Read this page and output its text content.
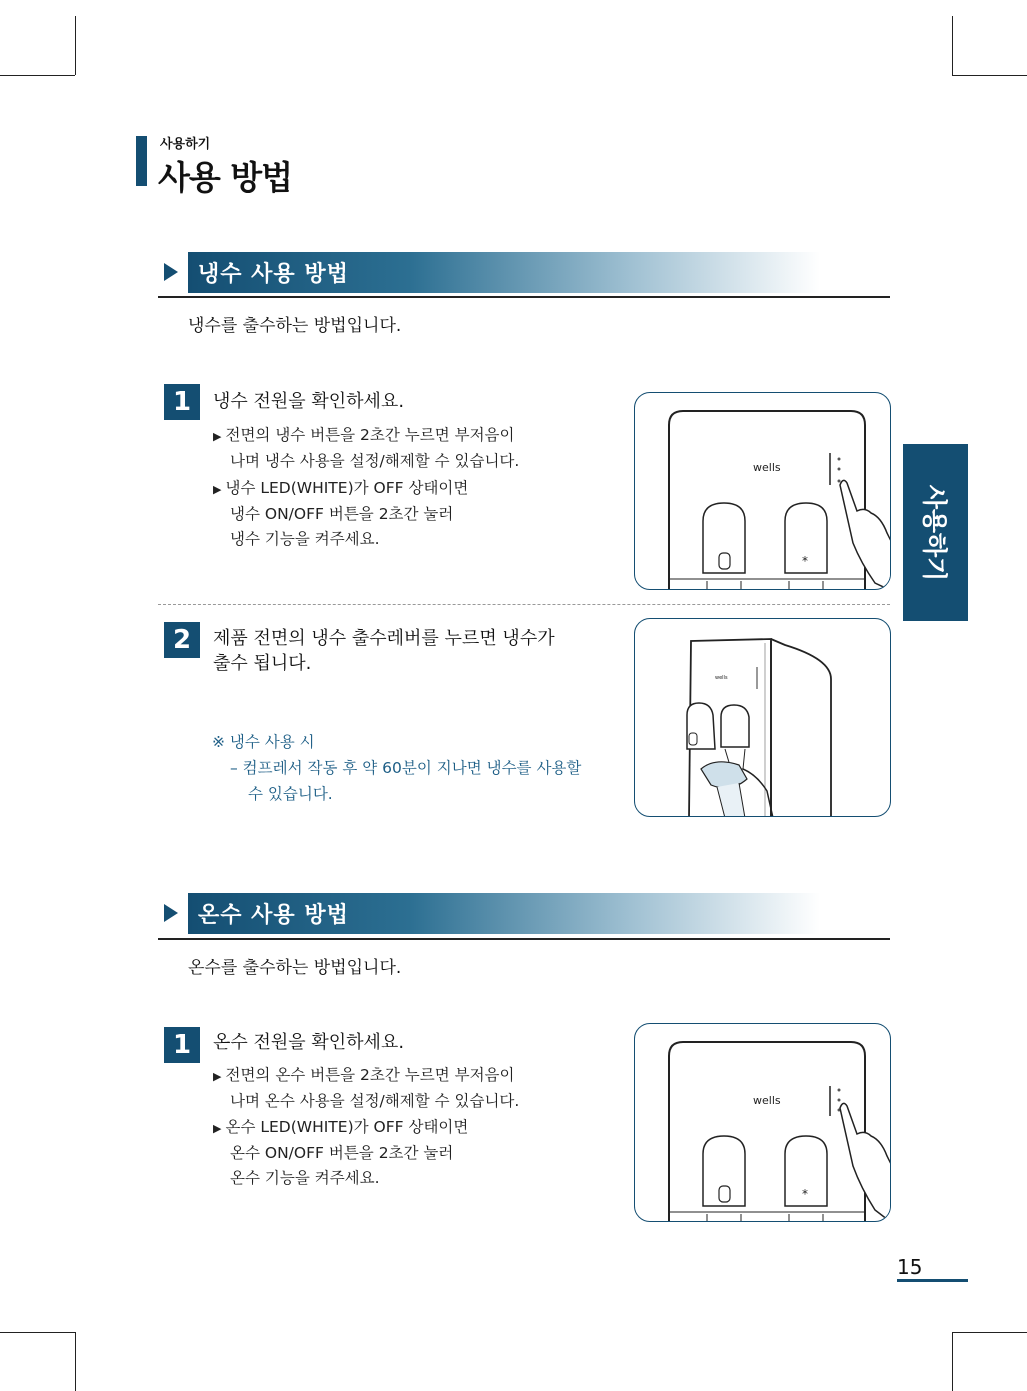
사용하기
사용 방법
사용하기
냉수 사용 방법
냉수를 출수하는 방법입니다.
1	냉수 전원을 확인하세요.
▶ 전면의 냉수 버튼을 2초간 누르면 부저음이
나며 냉수 사용을 설정/해제할 수 있습니다.
▶ 냉수 LED(WHITE)가 OFF 상태이면
냉수 ON/OFF 버튼을 2초간 눌러
냉수 기능을 켜주세요.
wells
*
2	제품 전면의 냉수 출수레버를 누르면 냉수가
출수 됩니다.
※ 냉수 사용 시
– 컴프레서 작동 후 약 60분이 지나면 냉수를 사용할
수 있습니다.
wells
온수 사용 방법
온수를 출수하는 방법입니다.
1	온수 전원을 확인하세요.
▶ 전면의 온수 버튼을 2초간 누르면 부저음이
나며 온수 사용을 설정/해제할 수 있습니다.
▶ 온수 LED(WHITE)가 OFF 상태이면
온수 ON/OFF 버튼을 2초간 눌러
온수 기능을 켜주세요.
wells
*
15
